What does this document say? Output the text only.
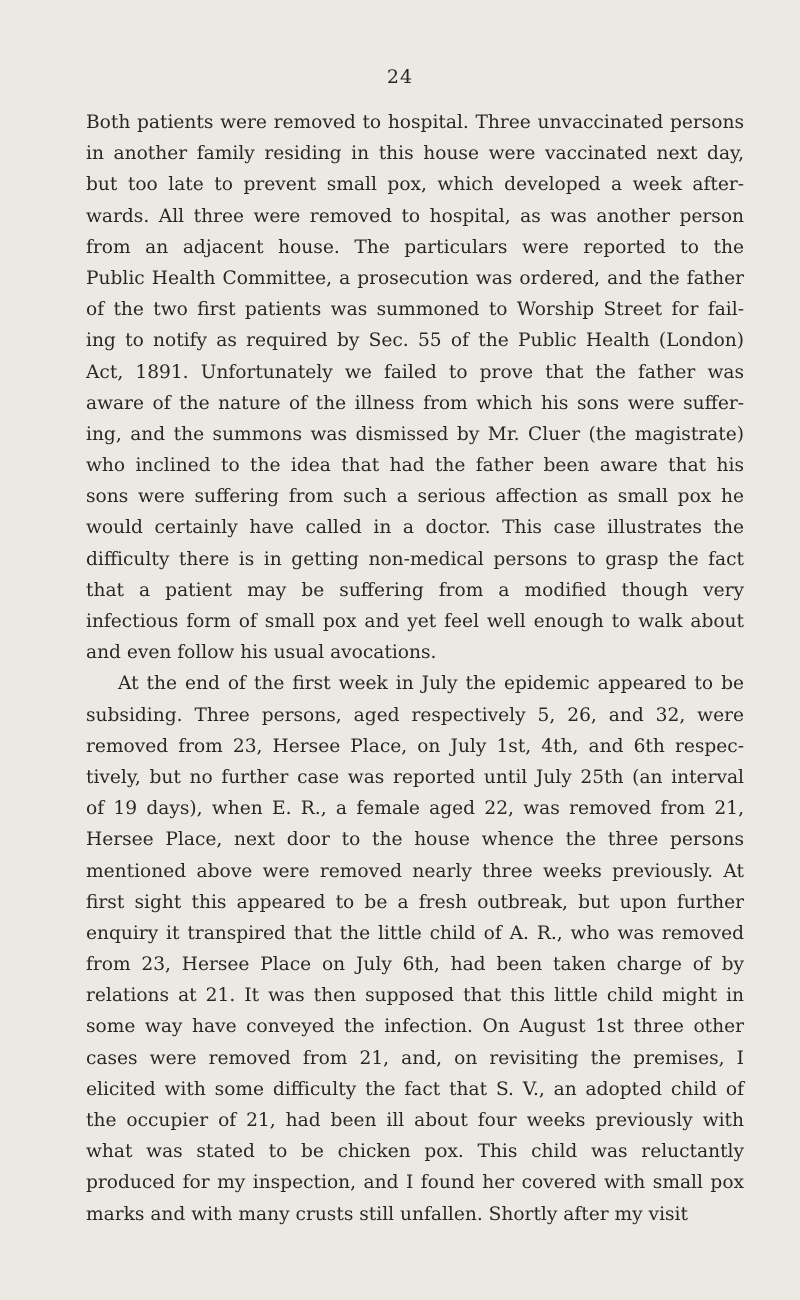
24
Both patients were removed to hospital. Three unvaccinated persons
in another family residing in this house were vaccinated next day,
but too late to prevent small pox, which developed a week after-
wards. All three were removed to hospital, as was another person
from an adjacent house. The particulars were reported to the
Public Health Committee, a prosecution was ordered, and the father
of the two first patients was summoned to Worship Street for fail-
ing to notify as required by Sec. 55 of the Public Health (London)
Act, 1891. Unfortunately we failed to prove that the father was
aware of the nature of the illness from which his sons were suffer-
ing, and the summons was dismissed by Mr. Cluer (the magistrate)
who inclined to the idea that had the father been aware that his
sons were suffering from such a serious affection as small pox he
would certainly have called in a doctor. This case illustrates the
difficulty there is in getting non-medical persons to grasp the fact
that a patient may be suffering from a modified though very
infectious form of small pox and yet feel well enough to walk about
and even follow his usual avocations.
At the end of the first week in July the epidemic appeared to be
subsiding. Three persons, aged respectively 5, 26, and 32, were
removed from 23, Hersee Place, on July 1st, 4th, and 6th respec-
tively, but no further case was reported until July 25th (an interval
of 19 days), when E. R., a female aged 22, was removed from 21,
Hersee Place, next door to the house whence the three persons
mentioned above were removed nearly three weeks previously. At
first sight this appeared to be a fresh outbreak, but upon further
enquiry it transpired that the little child of A. R., who was removed
from 23, Hersee Place on July 6th, had been taken charge of by
relations at 21. It was then supposed that this little child might in
some way have conveyed the infection. On August 1st three other
cases were removed from 21, and, on revisiting the premises, I
elicited with some difficulty the fact that S. V., an adopted child of
the occupier of 21, had been ill about four weeks previously with
what was stated to be chicken pox. This child was reluctantly
produced for my inspection, and I found her covered with small pox
marks and with many crusts still unfallen. Shortly after my visit
